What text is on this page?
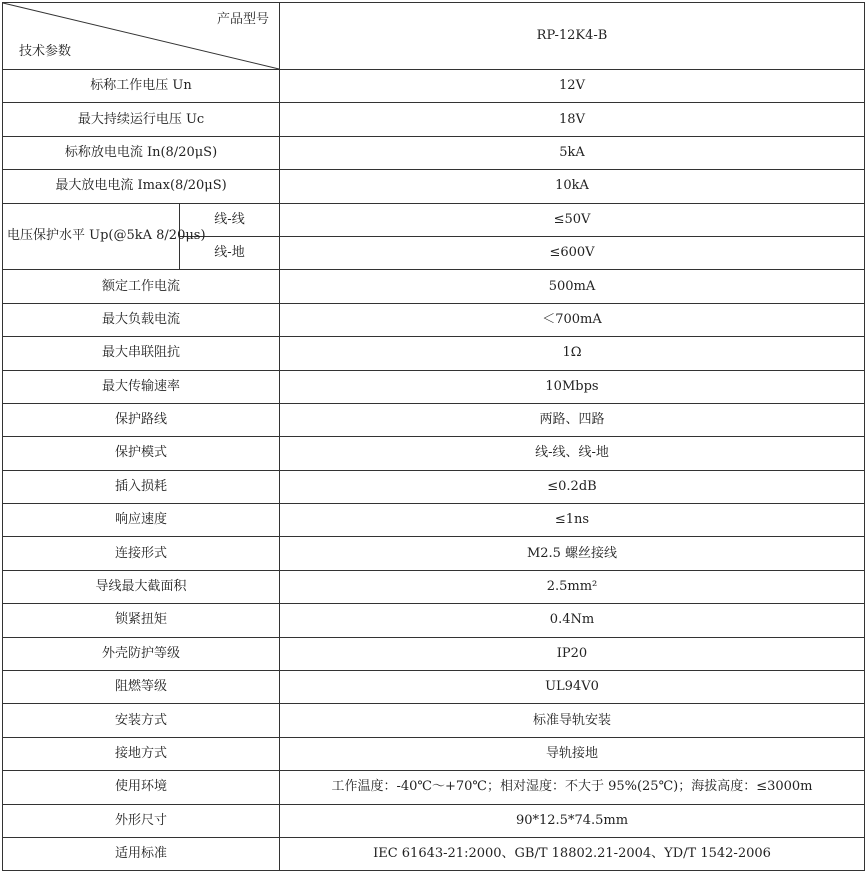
产品型号
技术参数		RP-12K4-B
标称工作电压 Un		12V
最大持续运行电压 Uc		18V
标称放电电流 In(8/20μS)		5kA
最大放电电流 Imax(8/20μS)		10kA
电压保护水平 Up(@5kA 8/20μs)	线-线	≤50V
	线-地	≤600V
额定工作电流		500mA
最大负载电流		＜700mA
最大串联阻抗		1Ω
最大传输速率		10Mbps
保护路线		两路、四路
保护模式		线-线、线-地
插入损耗		≤0.2dB
响应速度		≤1ns
连接形式		M2.5 螺丝接线
导线最大截面积		2.5mm²
锁紧扭矩		0.4Nm
外壳防护等级		IP20
阻燃等级		UL94V0
安装方式		标准导轨安装
接地方式		导轨接地
使用环境		工作温度：-40℃～+70℃；相对湿度：不大于 95%(25℃)；海拔高度：≤3000m
外形尺寸		90*12.5*74.5mm
适用标准		IEC 61643-21:2000、GB/T 18802.21-2004、YD/T 1542-2006
